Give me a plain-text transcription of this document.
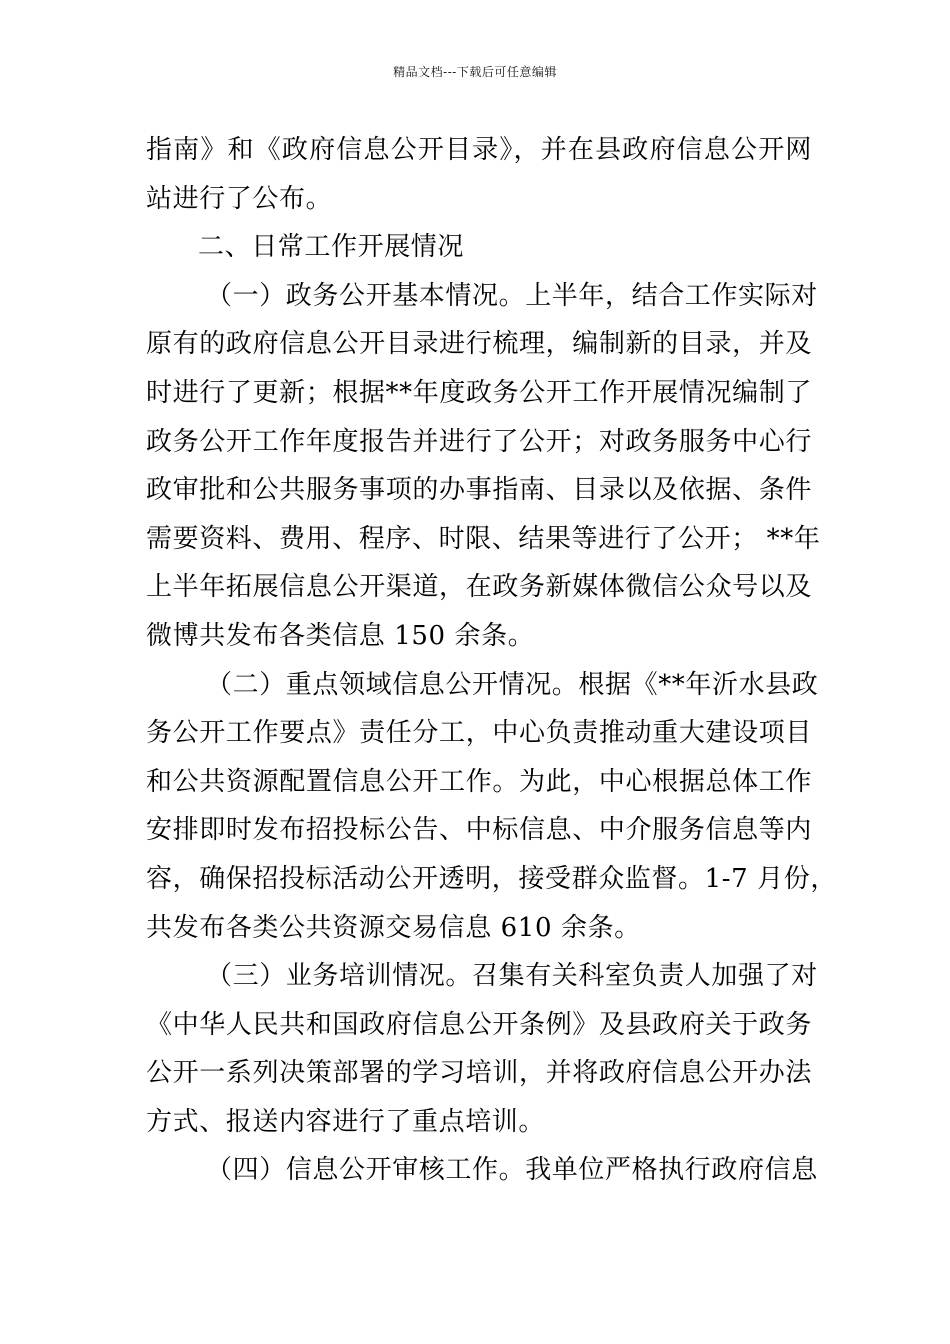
精品文档---下载后可任意编辑
指南》和《政府信息公开目录》，并在县政府信息公开网
站进行了公布。
二、日常工作开展情况
（一）政务公开基本情况。上半年，结合工作实际对
原有的政府信息公开目录进行梳理，编制新的目录，并及
时进行了更新；根据**年度政务公开工作开展情况编制了
政务公开工作年度报告并进行了公开；对政务服务中心行
政审批和公共服务事项的办事指南、目录以及依据、条件
需要资料、费用、程序、时限、结果等进行了公开； **年
上半年拓展信息公开渠道，在政务新媒体微信公众号以及
微博共发布各类信息 150 余条。
（二）重点领域信息公开情况。根据《**年沂水县政
务公开工作要点》责任分工，中心负责推动重大建设项目
和公共资源配置信息公开工作。为此，中心根据总体工作
安排即时发布招投标公告、中标信息、中介服务信息等内
容，确保招投标活动公开透明，接受群众监督。1-7 月份，
共发布各类公共资源交易信息 610 余条。
（三）业务培训情况。召集有关科室负责人加强了对
《中华人民共和国政府信息公开条例》及县政府关于政务
公开一系列决策部署的学习培训，并将政府信息公开办法
方式、报送内容进行了重点培训。
（四）信息公开审核工作。我单位严格执行政府信息
